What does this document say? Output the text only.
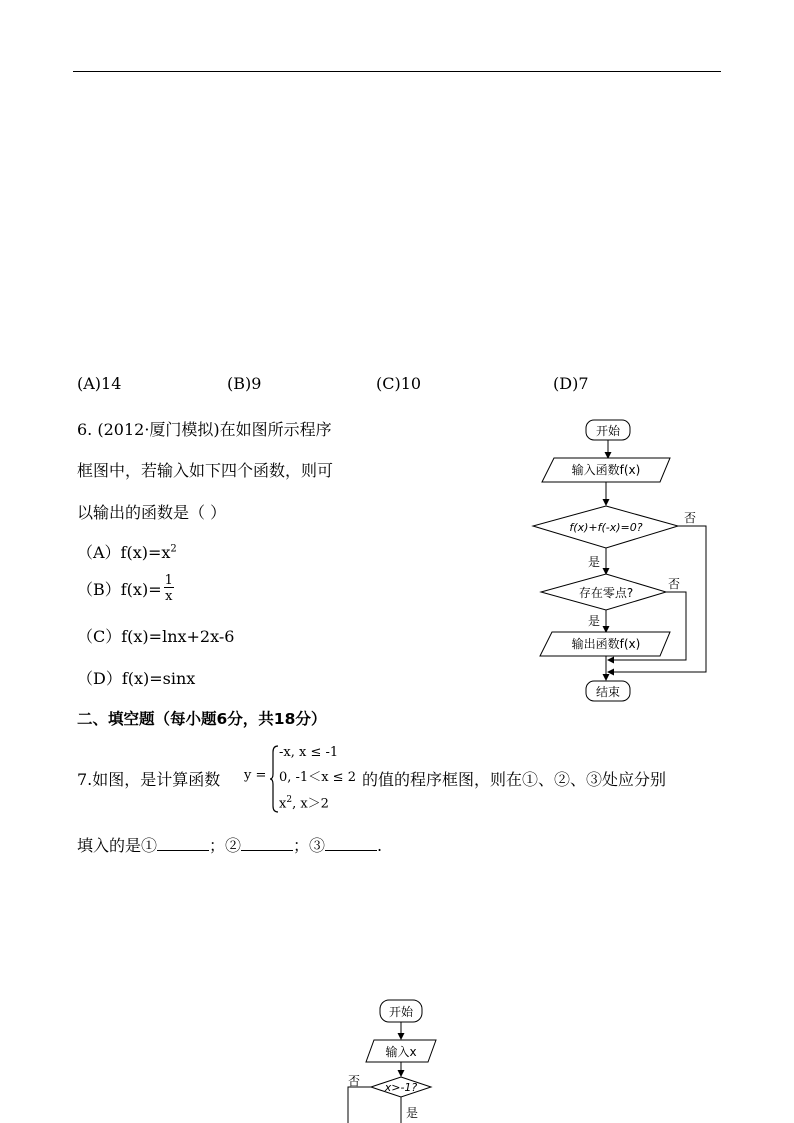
(A)14	(B)9	(C)10	(D)7
6. (2012·厦门模拟)在如图所示程序
框图中，若输入如下四个函数，则可
以输出的函数是（ ）
$(A)f(x)=x^2$
$(B)f(x)= \frac{1}{x}$
（C）f(x)=lnx+2x-6
（D）f(x)=sinx
开始
输入函数f(x)
f(x)+f(-x)=0?
否
是
存在零点?
否
是
输出函数f(x)
结束
二、填空题（每小题6分，共18分）
7.如图，是计算函数 y =
-x, x ≤ -1
0, -1＜x ≤ 2
$x^2$, x＞2
的值的程序框图，则在①、②、③处应分别
填入的是①	；②	；③	.
开始
输入x
x>-1?
否
是
